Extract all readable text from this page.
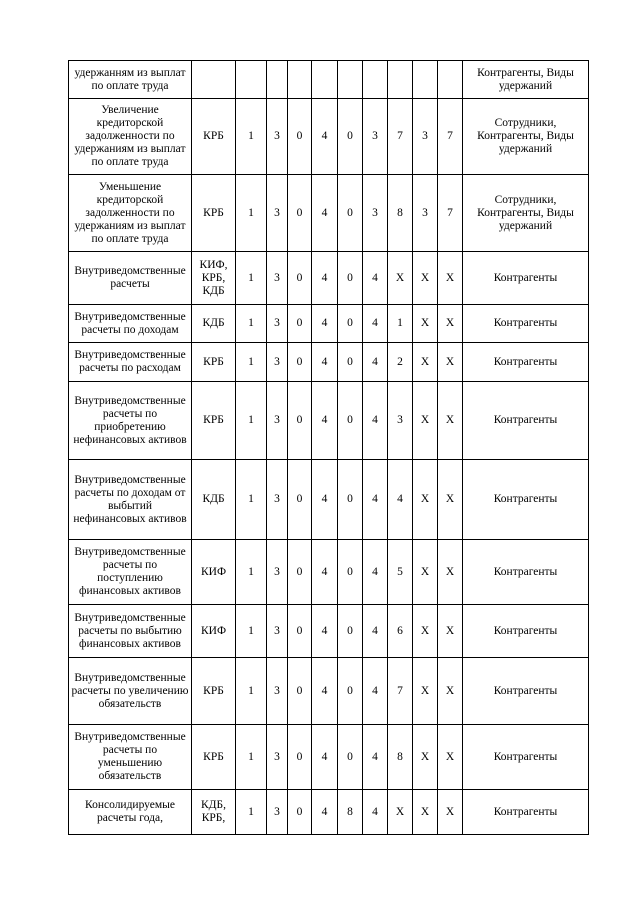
удержанням из выплат по оплате труда											Контрагенты, Виды удержаний
Увеличение кредиторской задолженности по удержаниям из выплат по оплате труда	КРБ	1	3	0	4	0	3	7	3	7	Сотрудники, Контрагенты, Виды удержаний
Уменьшение кредиторской задолженности по удержаниям из выплат по оплате труда	КРБ	1	3	0	4	0	3	8	3	7	Сотрудники, Контрагенты, Виды удержаний
Внутриведомственные расчеты	КИФ, КРБ, КДБ	1	3	0	4	0	4	X	X	X	Контрагенты
Внутриведомственные расчеты по доходам	КДБ	1	3	0	4	0	4	1	X	X	Контрагенты
Внутриведомственные расчеты по расходам	КРБ	1	3	0	4	0	4	2	X	X	Контрагенты
Внутриведомственные расчеты по приобретению нефинансовых активов	КРБ	1	3	0	4	0	4	3	X	X	Контрагенты
Внутриведомственные расчеты по доходам от выбытий нефинансовых активов	КДБ	1	3	0	4	0	4	4	X	X	Контрагенты
Внутриведомственные расчеты по поступлению финансовых активов	КИФ	1	3	0	4	0	4	5	X	X	Контрагенты
Внутриведомственные расчеты по выбытию финансовых активов	КИФ	1	3	0	4	0	4	6	X	X	Контрагенты
Внутриведомственные расчеты по увеличению обязательств	КРБ	1	3	0	4	0	4	7	X	X	Контрагенты
Внутриведомственные расчеты по уменьшению обязательств	КРБ	1	3	0	4	0	4	8	X	X	Контрагенты
Консолидируемые расчеты года,	КДБ, КРБ,	1	3	0	4	8	4	X	X	X	Контрагенты
